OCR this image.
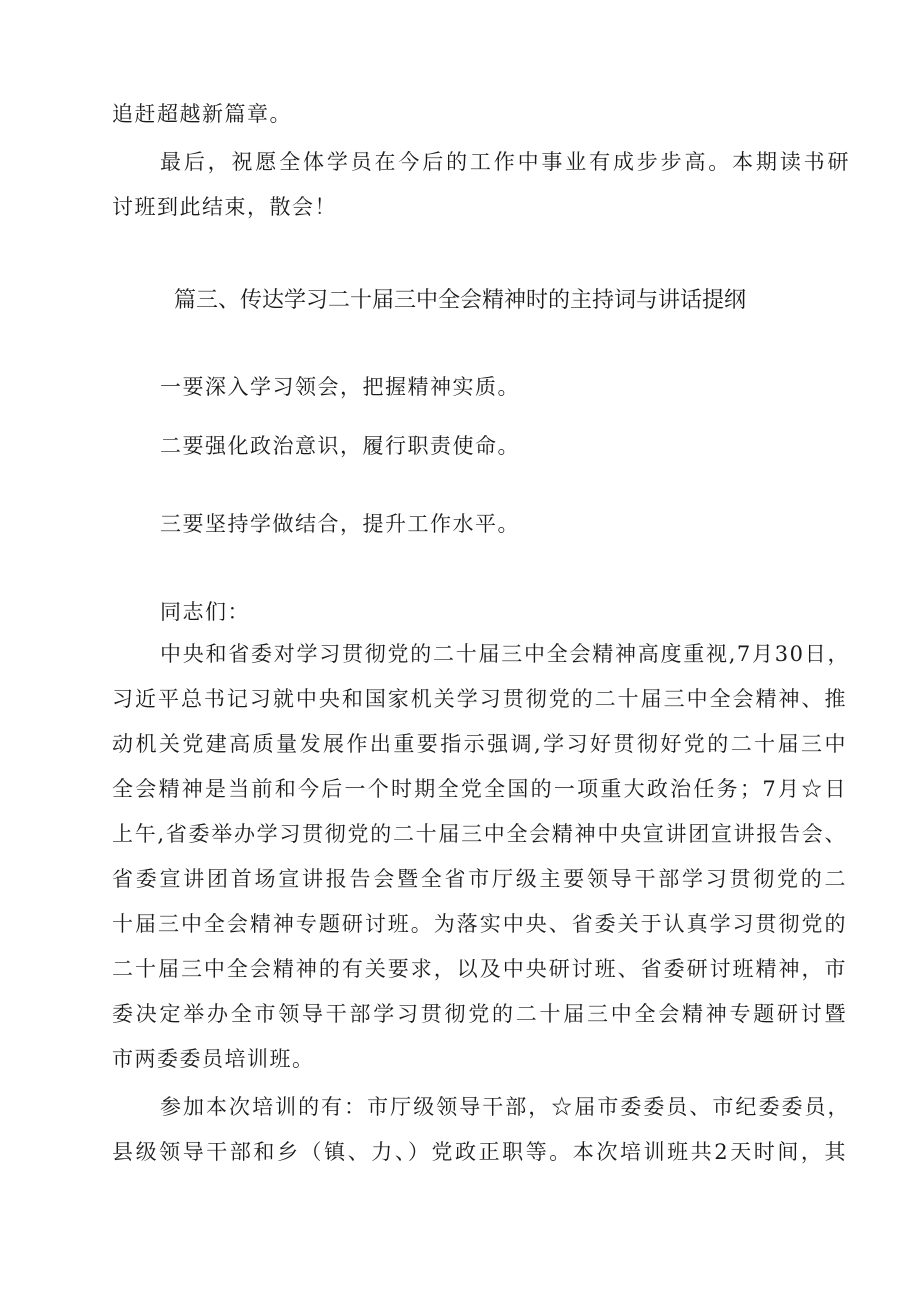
追赶超越新篇章。
最后，祝愿全体学员在今后的工作中事业有成步步高。本期读书研
讨班到此结束，散会！
篇三、传达学习二十届三中全会精神时的主持词与讲话提纲
一要深入学习领会，把握精神实质。
二要强化政治意识，履行职责使命。
三要坚持学做结合，提升工作水平。
同志们：
中央和省委对学习贯彻党的二十届三中全会精神高度重视,7月30日，
习近平总书记习就中央和国家机关学习贯彻党的二十届三中全会精神、推
动机关党建高质量发展作出重要指示强调,学习好贯彻好党的二十届三中
全会精神是当前和今后一个时期全党全国的一项重大政治任务；7月☆日
上午,省委举办学习贯彻党的二十届三中全会精神中央宣讲团宣讲报告会、
省委宣讲团首场宣讲报告会暨全省市厅级主要领导干部学习贯彻党的二
十届三中全会精神专题研讨班。为落实中央、省委关于认真学习贯彻党的
二十届三中全会精神的有关要求，以及中央研讨班、省委研讨班精神，市
委决定举办全市领导干部学习贯彻党的二十届三中全会精神专题研讨暨
市两委委员培训班。
参加本次培训的有：市厅级领导干部，☆届市委委员、市纪委委员，
县级领导干部和乡（镇、力、）党政正职等。本次培训班共2天时间，其
